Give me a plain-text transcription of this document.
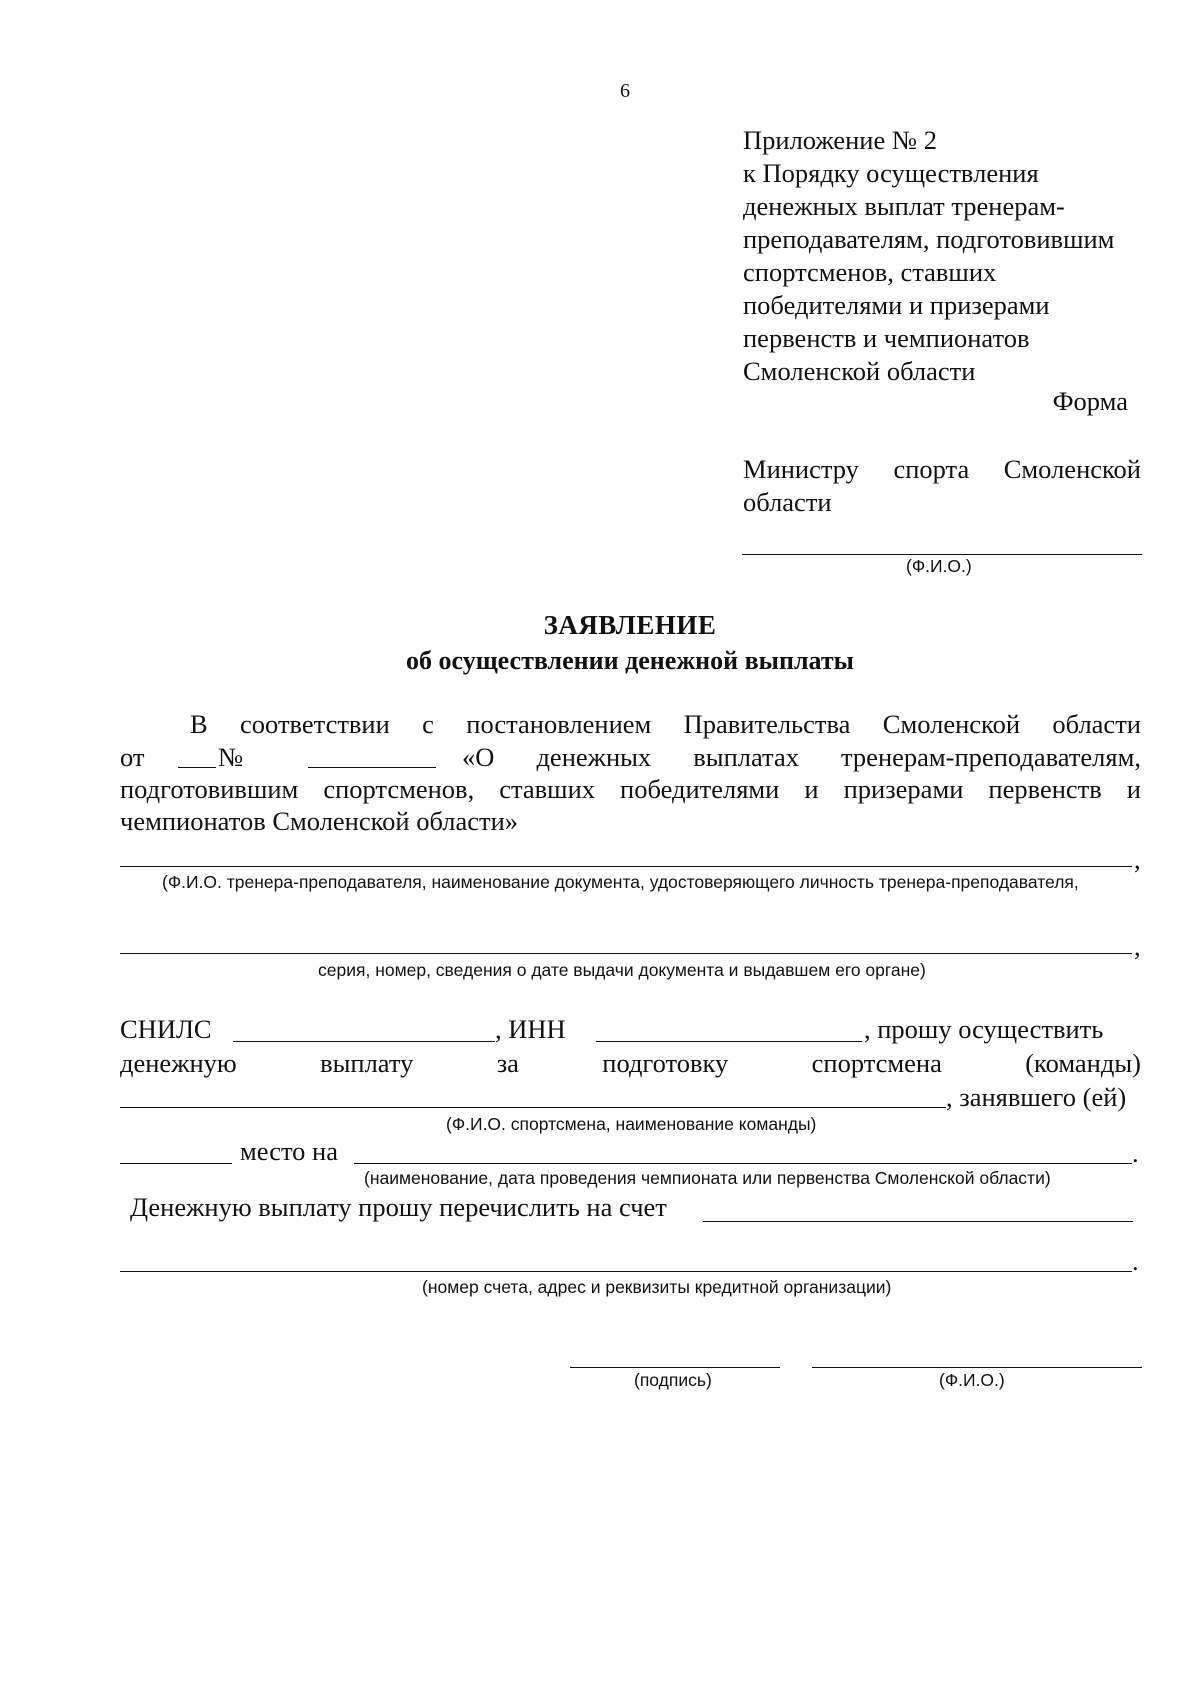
6
Приложение № 2
к Порядку осуществления
денежных выплат тренерам-
преподавателям, подготовившим
спортсменов, ставших
победителями и призерами
первенств и чемпионатов
Смоленской области
Форма
Министру спорта Смоленской
области
(Ф.И.О.)
ЗАЯВЛЕНИЕ
об осуществлении денежной выплаты
В соответствии с постановлением Правительства Смоленской области
от	№	«О денежных выплатах тренерам-преподавателям,
подготовившим спортсменов, ставших победителями и призерами первенств и
чемпионатов Смоленской области»
,
(Ф.И.О. тренера-преподавателя, наименование документа, удостоверяющего личность тренера-преподавателя,
,
серия, номер, сведения о дате выдачи документа и выдавшем его органе)
СНИЛС	, ИНН	, прошу осуществить
денежную	выплату	за	подготовку	спортсмена	(команды)
, занявшего (ей)
(Ф.И.О. спортсмена, наименование команды)
место на	.
(наименование, дата проведения чемпионата или первенства Смоленской области)
Денежную выплату прошу перечислить на счет
.
(номер счета, адрес и реквизиты кредитной организации)
(подпись)	(Ф.И.О.)
